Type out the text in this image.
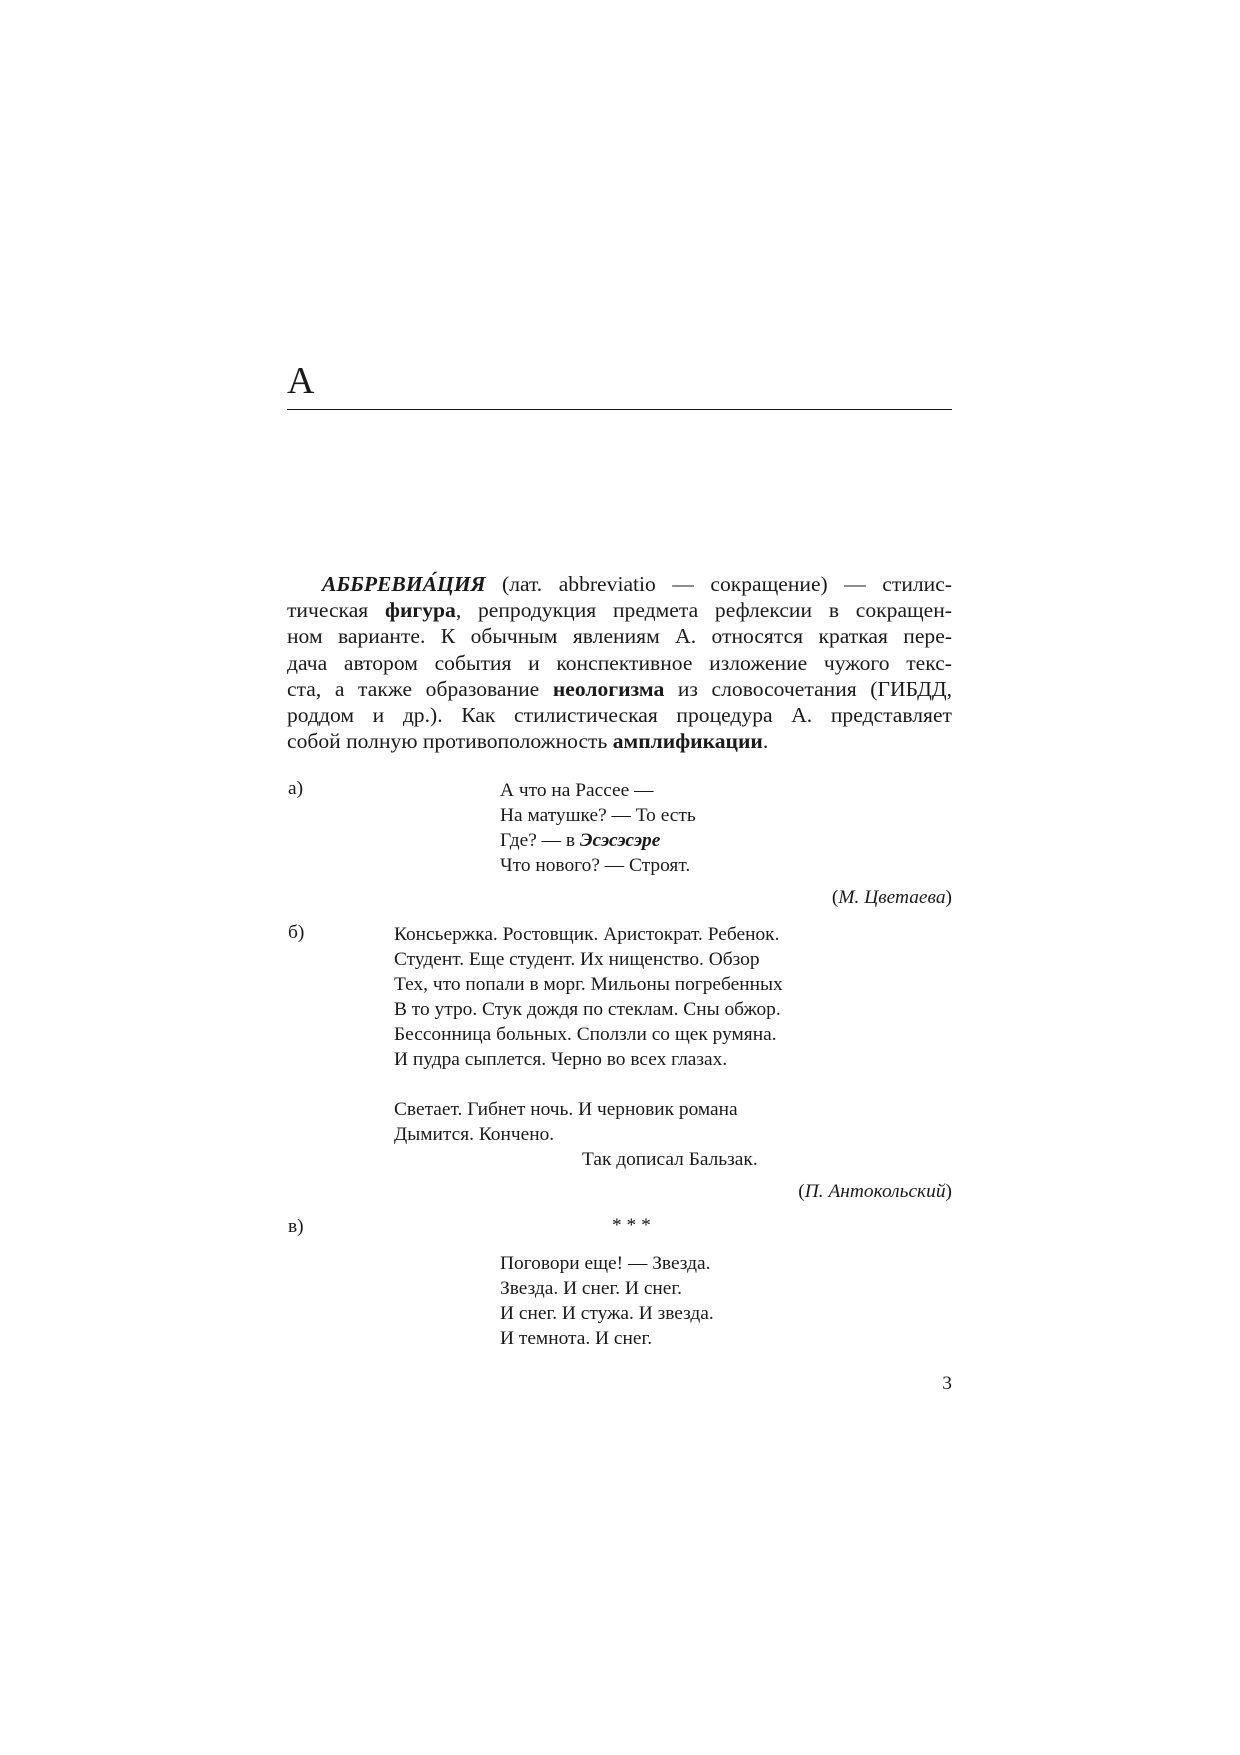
А
АББРЕВИА́ЦИЯ (лат. abbreviatio — сокращение) — стилис-
тическая фигура, репродукция предмета рефлексии в сокращен-
ном варианте. К обычным явлениям А. относятся краткая пере-
дача автором события и конспективное изложение чужого текс-
ста, а также образование неологизма из словосочетания (ГИБДД,
роддом и др.). Как стилистическая процедура А. представляет
собой полную противоположность амплификации.
а)	А что на Рассее —
На матушке? — То есть
Где? — в Эсэсэсэре
Что нового? — Строят.
(М. Цветаева)
б)	Консьержка. Ростовщик. Аристократ. Ребенок.
Студент. Еще студент. Их нищенство. Обзор
Тех, что попали в морг. Мильоны погребенных
В то утро. Стук дождя по стеклам. Сны обжор.
Бессонница больных. Сползли со щек румяна.
И пудра сыплется. Черно во всех глазах.
Светает. Гибнет ночь. И черновик романа
Дымится. Кончено.
Так дописал Бальзак.
(П. Антокольский)
в)	* * *
Поговори еще! — Звезда.
Звезда. И снег. И снег.
И снег. И стужа. И звезда.
И темнота. И снег.
3
